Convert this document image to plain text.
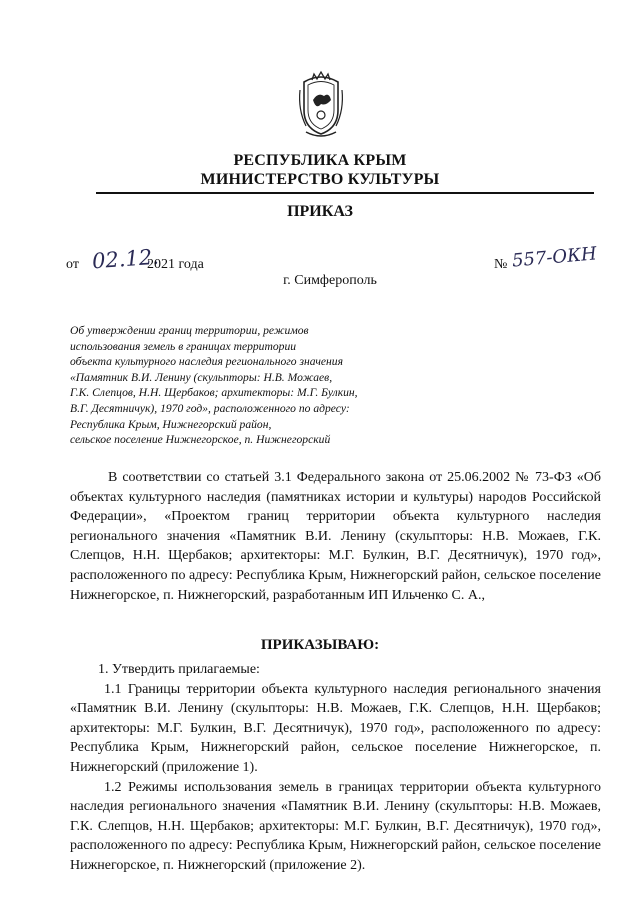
РЕСПУБЛИКА КРЫМ
МИНИСТЕРСТВО КУЛЬТУРЫ
ПРИКАЗ
от 02.12.
2021 года	№ 557-ОКН
г. Симферополь
Об утверждении границ территории, режимов
использования земель в границах территории
объекта культурного наследия регионального значения
«Памятник В.И. Ленину (скульпторы: Н.В. Можаев,
Г.К. Слепцов, Н.Н. Щербаков; архитекторы: М.Г. Булкин,
В.Г. Десятничук), 1970 год», расположенного по адресу:
Республика Крым, Нижнегорский район,
сельское поселение Нижнегорское, п. Нижнегорский

В соответствии со статьей 3.1 Федерального закона от 25.06.2002 № 73-ФЗ «Об объектах культурного наследия (памятниках истории и культуры) народов Российской Федерации», «Проектом границ территории объекта культурного наследия регионального значения «Памятник В.И. Ленину (скульпторы: Н.В. Можаев, Г.К. Слепцов, Н.Н. Щербаков; архитекторы: М.Г. Булкин, В.Г. Десятничук), 1970 год», расположенного по адресу: Республика Крым, Нижнегорский район, сельское поселение Нижнегорское, п. Нижнегорский, разработанным ИП Ильченко С. А.,

ПРИКАЗЫВАЮ:

1. Утвердить прилагаемые:

1.1 Границы территории объекта культурного наследия регионального значения «Памятник В.И. Ленину (скульпторы: Н.В. Можаев, Г.К. Слепцов, Н.Н. Щербаков; архитекторы: М.Г. Булкин, В.Г. Десятничук), 1970 год», расположенного по адресу: Республика Крым, Нижнегорский район, сельское поселение Нижнегорское, п. Нижнегорский (приложение 1).

1.2 Режимы использования земель в границах территории объекта культурного наследия регионального значения «Памятник В.И. Ленину (скульпторы: Н.В. Можаев, Г.К. Слепцов, Н.Н. Щербаков; архитекторы: М.Г. Булкин, В.Г. Десятничук), 1970 год», расположенного по адресу: Республика Крым, Нижнегорский район, сельское поселение Нижнегорское, п. Нижнегорский (приложение 2).
